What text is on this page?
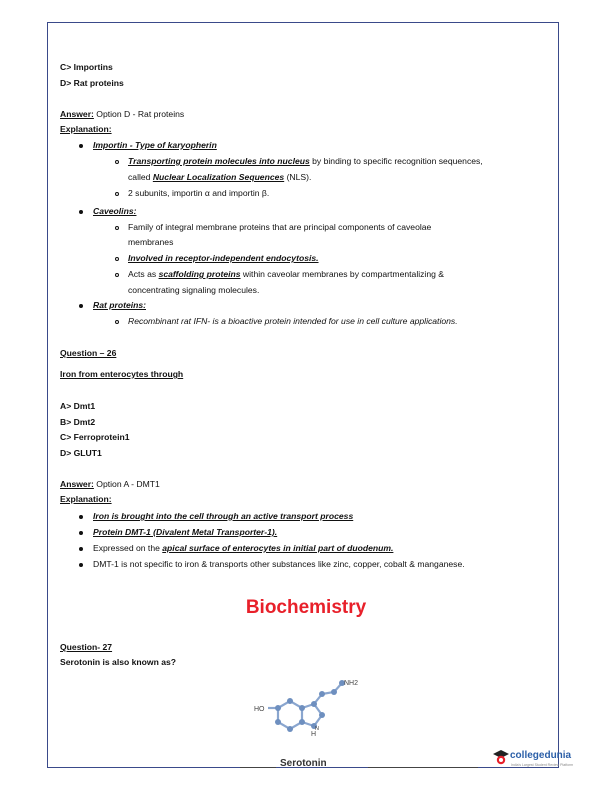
C> Importins
D> Rat proteins
Answer: Option D - Rat proteins
Explanation:
Importin - Type of karyopherin
Transporting protein molecules into nucleus by binding to specific recognition sequences,
called Nuclear Localization Sequences (NLS).
2 subunits, importin α and importin β.
Caveolins:
Family of integral membrane proteins that are principal components of caveolae
membranes
Involved in receptor-independent endocytosis.
Acts as scaffolding proteins within caveolar membranes by compartmentalizing &
concentrating signaling molecules.
Rat proteins:
Recombinant rat IFN- is a bioactive protein intended for use in cell culture applications.
Question – 26
Iron from enterocytes through
A> Dmt1
B> Dmt2
C> Ferroprotein1
D> GLUT1
Answer: Option A - DMT1
Explanation:
Iron is brought into the cell through an active transport process
Protein DMT-1 (Divalent Metal Transporter-1).
Expressed on the apical surface of enterocytes in initial part of duodenum.
DMT-1 is not specific to iron & transports other substances like zinc, copper, cobalt & manganese.
Biochemistry
Question- 27
Serotonin is also known as?
HO
NH2
H
N
Serotonin
collegedunia
India's Largest Student Review Platform
